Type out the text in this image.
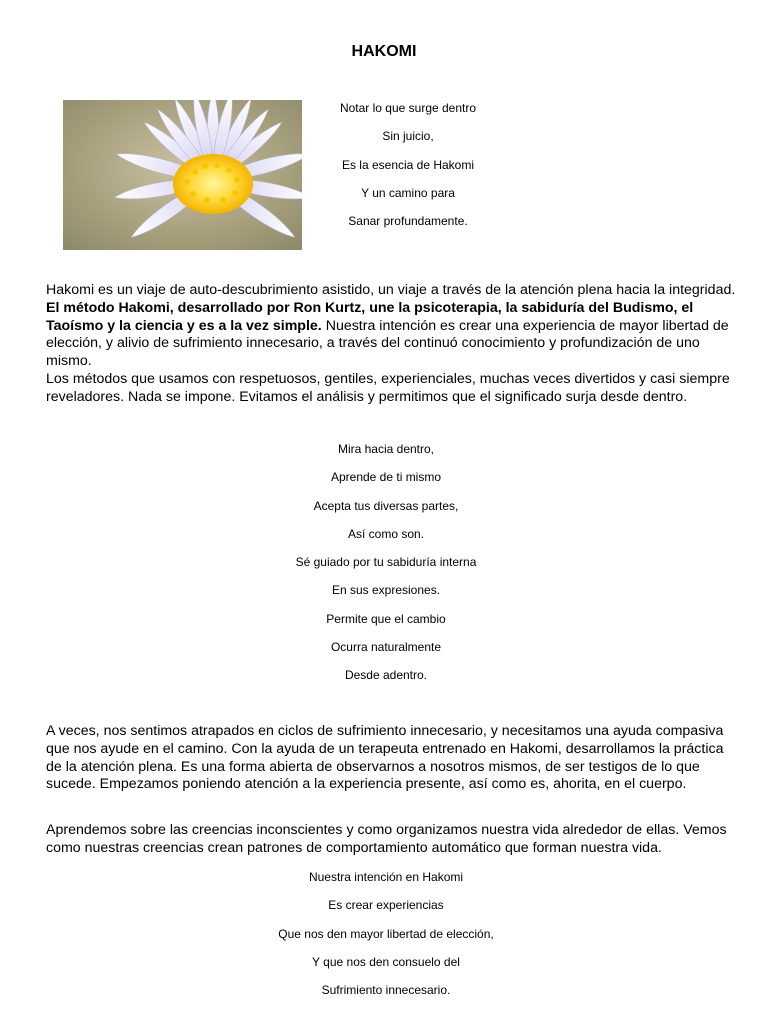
HAKOMI
Notar lo que surge dentro
Sin juicio,
Es la esencia de Hakomi
Y un camino para
Sanar profundamente.

Hakomi es un viaje de auto-descubrimiento asistido, un viaje a través de la atención plena hacia la integridad.

El método Hakomi, desarrollado por Ron Kurtz, une la psicoterapia, la sabiduría del Budismo, el Taoísmo y la ciencia y es a la vez simple. Nuestra intención es crear una experiencia de mayor libertad de elección, y alivio de sufrimiento innecesario, a través del continuó conocimiento y profundización de uno mismo.

Los métodos que usamos con respetuosos, gentiles, experienciales, muchas veces divertidos y casi siempre reveladores. Nada se impone. Evitamos el análisis y permitimos que el significado surja desde dentro.

Mira hacia dentro,
Aprende de ti mismo
Acepta tus diversas partes,
Así como son.
Sé guiado por tu sabiduría interna
En sus expresiones.
Permite que el cambio
Ocurra naturalmente
Desde adentro.

A veces, nos sentimos atrapados en ciclos de sufrimiento innecesario, y necesitamos una ayuda compasiva que nos ayude en el camino. Con la ayuda de un terapeuta entrenado en Hakomi, desarrollamos la práctica de la atención plena. Es una forma abierta de observarnos a nosotros mismos, de ser testigos de lo que sucede. Empezamos poniendo atención a la experiencia presente, así como es, ahorita, en el cuerpo.

Aprendemos sobre las creencias inconscientes y como organizamos nuestra vida alrededor de ellas. Vemos como nuestras creencias crean patrones de comportamiento automático que forman nuestra vida.

Nuestra intención en Hakomi
Es crear experiencias
Que nos den mayor libertad de elección,
Y que nos den consuelo del
Sufrimiento innecesario.
